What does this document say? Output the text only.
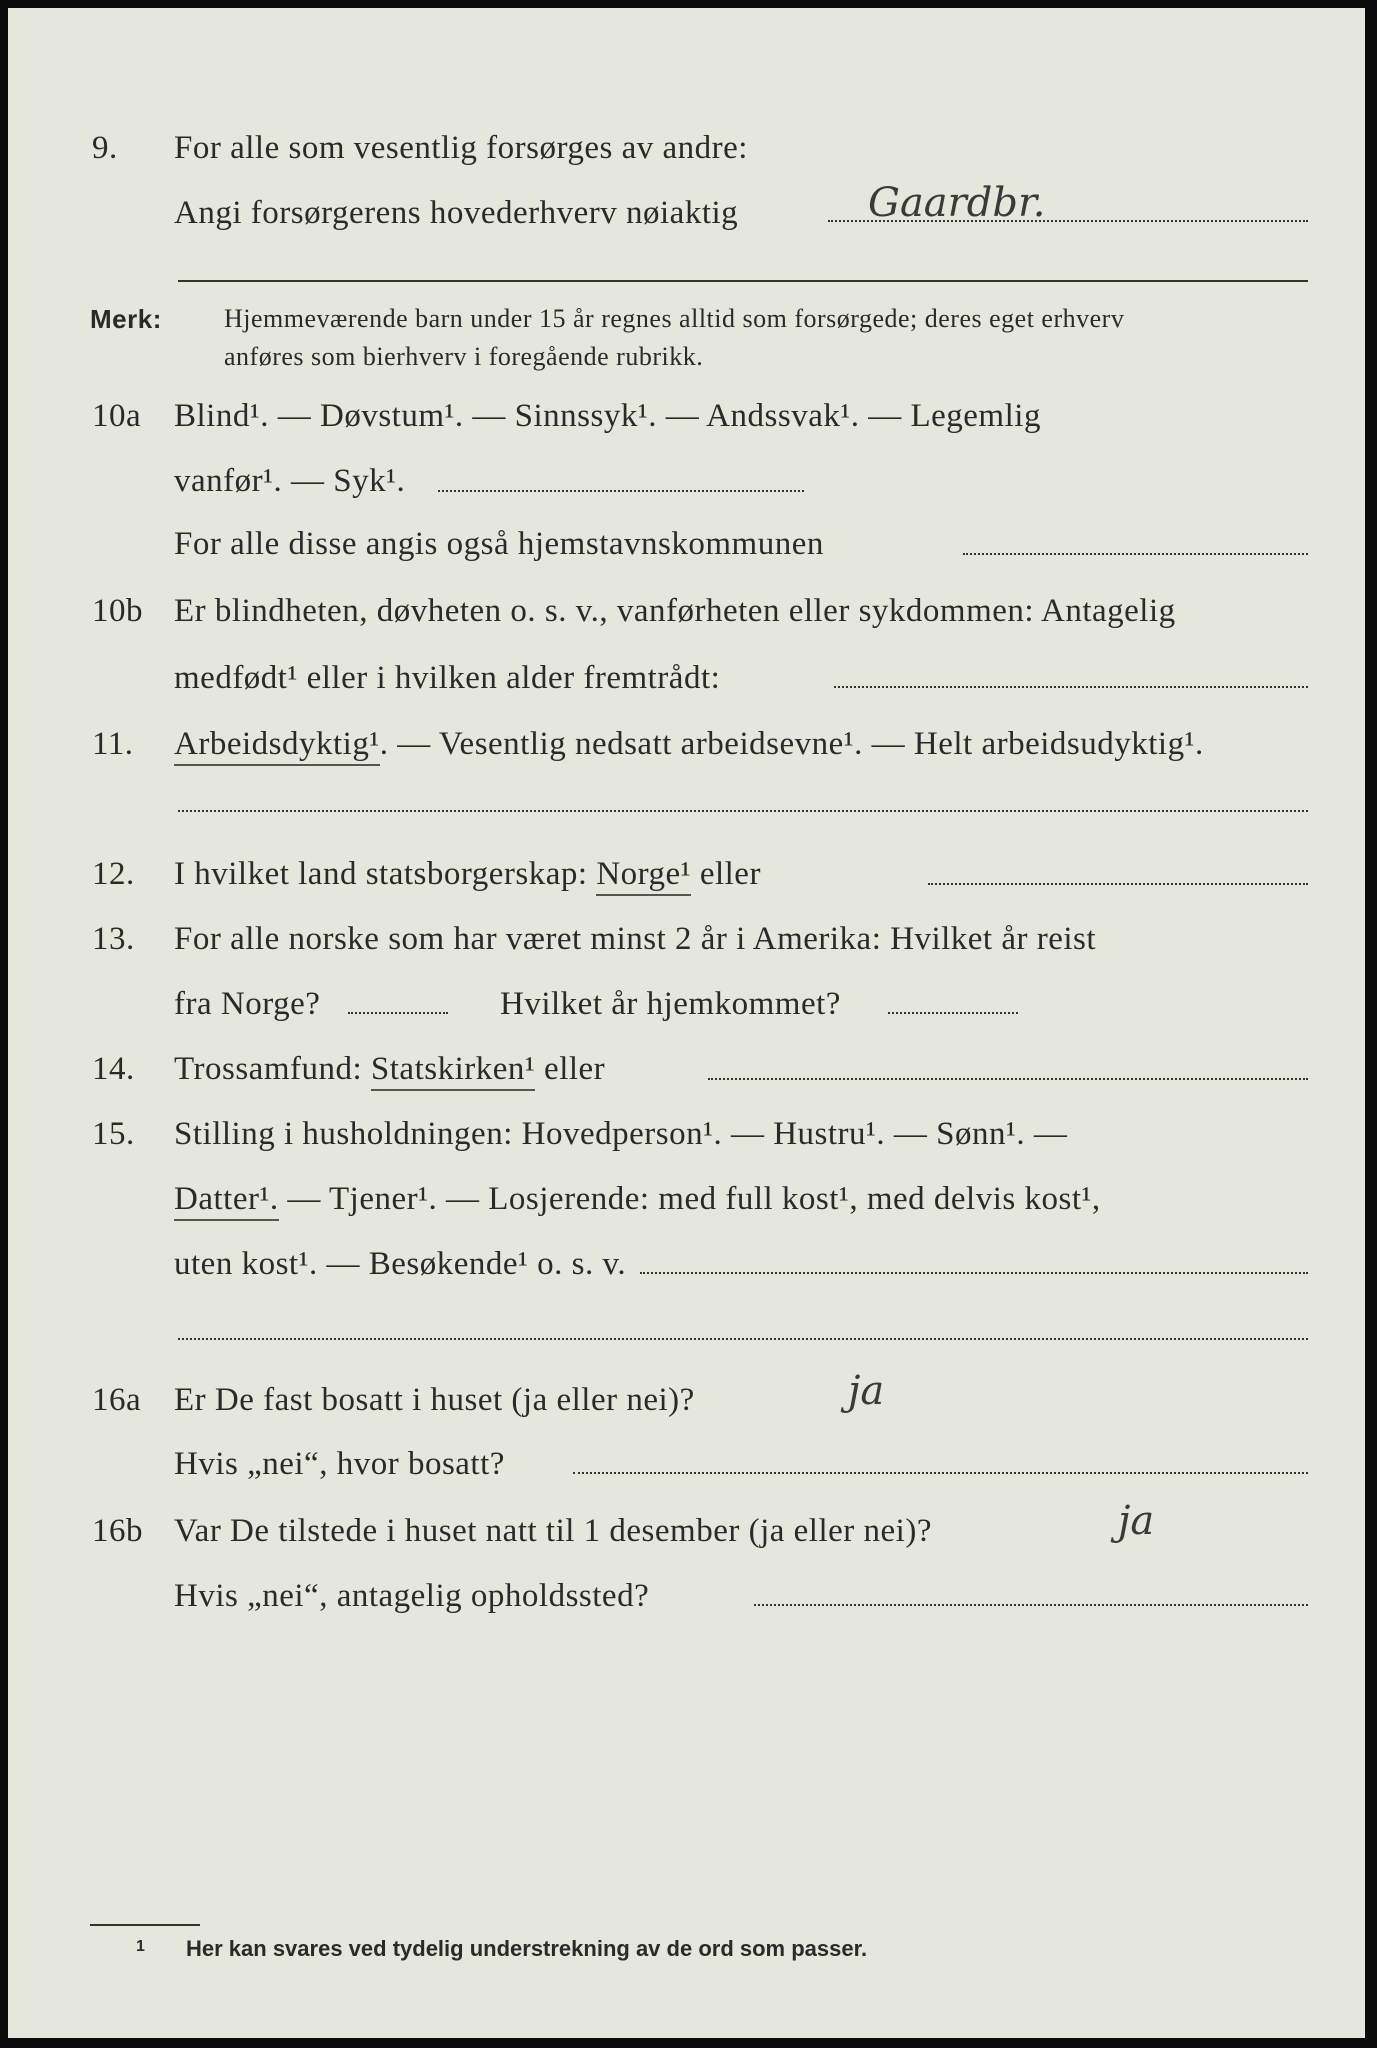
9. For alle som vesentlig forsørges av andre:
Angi forsørgerens hovederhverv nøiaktig	Gaardbr.
Merk: Hjemmeværende barn under 15 år regnes alltid som forsørgede; deres eget erhverv
anføres som bierhverv i foregående rubrikk.
10a Blind¹. — Døvstum¹. — Sinnssyk¹. — Andssvak¹. — Legemlig
vanfør¹. — Syk¹.
For alle disse angis også hjemstavnskommunen
10b Er blindheten, døvheten o. s. v., vanførheten eller sykdommen: Antagelig
medfødt¹ eller i hvilken alder fremtrådt:
11. Arbeidsdyktig¹. — Vesentlig nedsatt arbeidsevne¹. — Helt arbeidsudyktig¹.
12. I hvilket land statsborgerskap: Norge¹ eller
13. For alle norske som har været minst 2 år i Amerika: Hvilket år reist
fra Norge?	Hvilket år hjemkommet?
14. Trossamfund: Statskirken¹ eller
15. Stilling i husholdningen: Hovedperson¹. — Hustru¹. — Sønn¹. —
Datter¹. — Tjener¹. — Losjerende: med full kost¹, med delvis kost¹,
uten kost¹. — Besøkende¹ o. s. v.
16a Er De fast bosatt i huset (ja eller nei)?	ja
Hvis „nei“, hvor bosatt?
16b Var De tilstede i huset natt til 1 desember (ja eller nei)?	ja
Hvis „nei“, antagelig opholdssted?
1 Her kan svares ved tydelig understrekning av de ord som passer.
